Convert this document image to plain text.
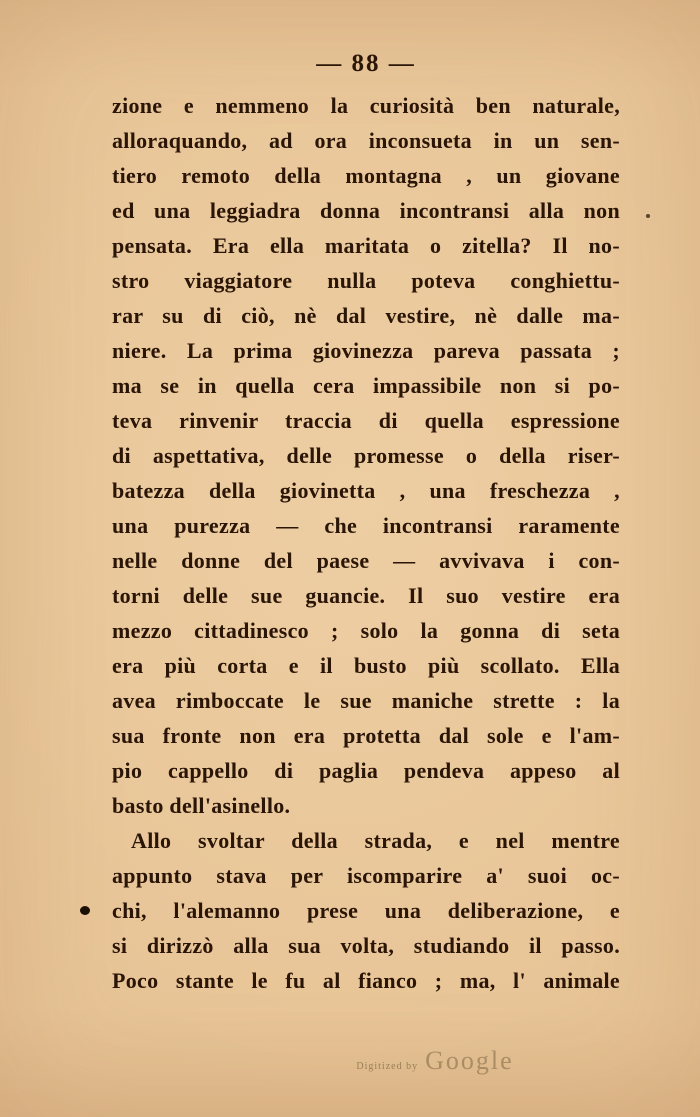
— 88 —
zione e nemmeno la curiosità ben naturale,
alloraquando, ad ora inconsueta in un sen-
tiero remoto della montagna , un giovane
ed una leggiadra donna incontransi alla non
pensata. Era ella maritata o zitella? Il no-
stro viaggiatore nulla poteva conghiettu-
rar su di ciò, nè dal vestire, nè dalle ma-
niere. La prima giovinezza pareva passata ;
ma se in quella cera impassibile non si po-
teva rinvenir traccia di quella espressione
di aspettativa, delle promesse o della riser-
batezza della giovinetta , una freschezza ,
una purezza — che incontransi raramente
nelle donne del paese — avvivava i con-
torni delle sue guancie. Il suo vestire era
mezzo cittadinesco ; solo la gonna di seta
era più corta e il busto più scollato. Ella
avea rimboccate le sue maniche strette : la
sua fronte non era protetta dal sole e l'am-
pio cappello di paglia pendeva appeso al
basto dell'asinello.
Allo svoltar della strada, e nel mentre
appunto stava per iscomparire a' suoi oc-
chi, l'alemanno prese una deliberazione, e
si dirizzò alla sua volta, studiando il passo.
Poco stante le fu al fianco ; ma, l' animale
Digitized by Google
